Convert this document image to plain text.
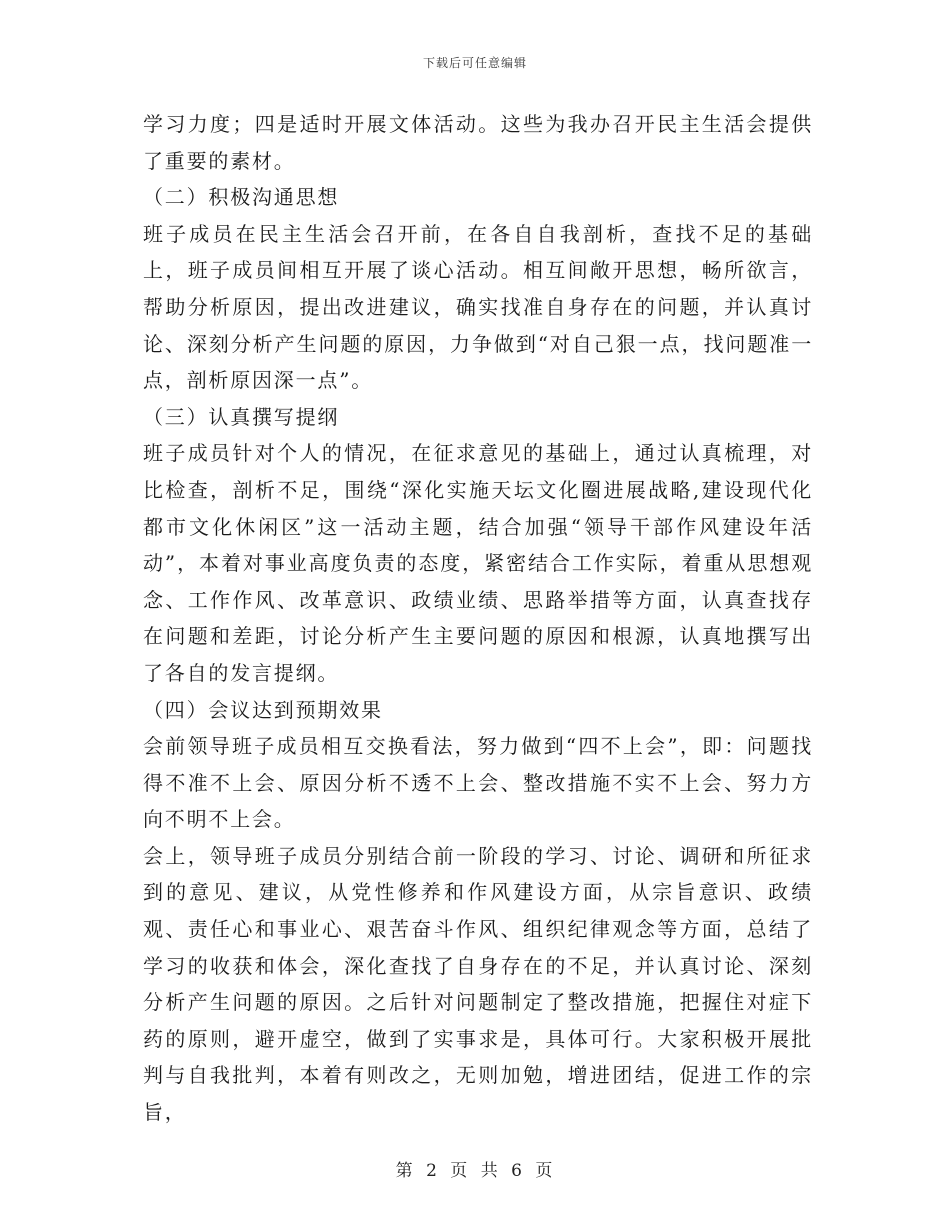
下载后可任意编辑

学习力度；四是适时开展文体活动。这些为我办召开民主生活会提供了重要的素材。

（二）积极沟通思想

班子成员在民主生活会召开前，在各自自我剖析，查找不足的基础上，班子成员间相互开展了谈心活动。相互间敞开思想，畅所欲言，帮助分析原因，提出改进建议，确实找准自身存在的问题，并认真讨论、深刻分析产生问题的原因，力争做到“对自己狠一点，找问题准一点，剖析原因深一点”。

（三）认真撰写提纲

班子成员针对个人的情况，在征求意见的基础上，通过认真梳理，对比检查，剖析不足，围绕“深化实施天坛文化圈进展战略,建设现代化都市文化休闲区”这一活动主题，结合加强“领导干部作风建设年活动”，本着对事业高度负责的态度，紧密结合工作实际，着重从思想观念、工作作风、改革意识、政绩业绩、思路举措等方面，认真查找存在问题和差距，讨论分析产生主要问题的原因和根源，认真地撰写出了各自的发言提纲。

（四）会议达到预期效果

会前领导班子成员相互交换看法，努力做到“四不上会”，即：问题找得不准不上会、原因分析不透不上会、整改措施不实不上会、努力方向不明不上会。

会上，领导班子成员分别结合前一阶段的学习、讨论、调研和所征求到的意见、建议，从党性修养和作风建设方面，从宗旨意识、政绩观、责任心和事业心、艰苦奋斗作风、组织纪律观念等方面，总结了学习的收获和体会，深化查找了自身存在的不足，并认真讨论、深刻分析产生问题的原因。之后针对问题制定了整改措施，把握住对症下药的原则，避开虚空，做到了实事求是，具体可行。大家积极开展批判与自我批判，本着有则改之，无则加勉，增进团结，促进工作的宗旨，

第 2 页 共 6 页
